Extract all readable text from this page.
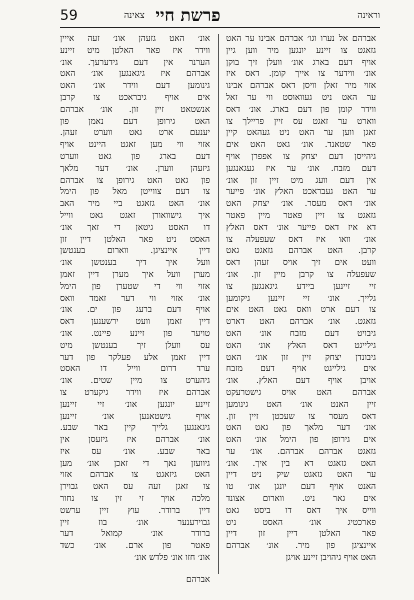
59	צאינה פרשת חיי	וראינה
אונ׳ האט גזעהן אונ׳ זעה אייין
ווידר איז פאר האלטן מיט זיינע
הערנר אין דעם גידערעך. אונ׳
אברהם איז גיגאנגען אונ׳ האט
גינומען דעם ווידר אונ׳ האט
אים אויף גיבראכט צו קרבן
אנשטאט זיין זון. אונ׳ אברהם
האט גירופן דעם נאמן פון
יענעם ארט גאט ווערט זעהן.
אזוי ווי מען זאגט היינט אויף
דעם בארג פון גאט ווערט
גיזעהן ווערן. אונ׳ דער מלאך
פון גאט האט גירופן צו אברהם
צו דעם צווייטן מאל פון הימל
אונ׳ האט גזאגט ביי מיר האב
איך גישוואורן זאגט גאט ווייל
דו האסט גיטאן די זאך אונ׳
האסט ניט פאר האלטן דיין זון
דיין איינציגן. ווארום בענטשן
וועל איך דיך בענטשן אונ׳
מערן וועל איך מערן דיין זאמן
אזוי ווי די שטערן פון הימל
אונ׳ אזוי ווי דער זאמד וואס
אויף דעם ברעג פון ים. אונ׳
דיין זאמן וועט ירשענען דאס
טויער פון זיינע פיינט. אונ׳
עס וועלן זיך בענטשן מיט
דיין זאמן אלע פעלקר פון דער
ערד דרום ווייל דו האסט
גיהערט צו מיין שטים. אונ׳
אברהם איז ווידר גיקערט צו
זיינע יונגען אונ׳ זיי זיינען
אויף גישטאנען אונ׳ זיינען
גיגאנגען גלייך קיין באר שבע.
אונ׳ אברהם איז גיזעסן אין
באר שבע. אונ׳ עס איז
גיוועזן נאך די זאכן אונ׳ מען
האט גיזאגט צו אברהם אזוי
צו זאגן זעה עס האט גבוירן
מלכה אויך זי זין צו נחור
דיין ברודר. עוץ זיין ערשט
גבוירענער אונ׳ בוז זיין
ברודר אונ׳ קמואל דער
פאטר פון ארם. אונ׳ כשד
אונ׳ חזו אונ׳ פלדש אונ׳
אברהם אל נערו וגו׳ אברהם אבינו ער האט
גזאגט צו זיינע יונגען מיר ווען גיין
אויף דעם בארג אונ׳ וועלן זיך בוקן
אונ׳ ווידער צו אייך קומן. דאס איז
אזוי מיר זאלן וויסן דאס אברהם אבינו
ער האט ניט געוואוסט ווי ער זאל
ווידר קומן פון דעם בארג. אונ׳ דאס
ווארט ער זאגט עס זיין פריילך צו
זאגן ווען ער האט ניט געהאט קיין
פאר שטאנד. אונ׳ גאט האט אים
גיהייסן דעם יצחק צו אפפרן אויף
דעם מזבח. אונ׳ ער איז געגאנגען
אין דעם וועג מיט זיין זון אונ׳
ער האט געבראכט האלץ אונ׳ פייער
אונ׳ דאס מעסר. אונ׳ יצחק האט
גזאגט צו זיין פאטר מיין פאטר
דא איז דאס פייער אונ׳ דאס האלץ
אונ׳ וואו איז דאס שעפעלה צו
קרבן. האט אברהם גזאגט גאט
וועט אים זיך אויס זעהן דאס
שעפעלה צו קרבן מיין זון. אונ׳
זיי זיינען ביידע גיגאנגען צו
גלייך. אונ׳ זיי זיינען גיקומען
צו דעם ארט וואס גאט האט אים
גזאגט. אונ׳ אברהם האט דארט
גיבויט דעם מזבח אונ׳ האט
גילייגט דאס האלץ אונ׳ האט
גיבונדן יצחק זיין זון אונ׳ האט
אים גילייגט אויף דעם מזבח
אויבן אויף דעם האלץ. אונ׳
אברהם האט אויס גישטרעקט
זיין האנט אונ׳ האט גינומען
דאס מעסר צו שעכטן זיין זון.
אונ׳ דער מלאך פון גאט האט
אים גירופן פון הימל אונ׳ האט
גזאגט אברהם אברהם. אונ׳ ער
האט גזאגט דא בין איך. אונ׳
ער האט גזאגט שיק ניט דיין
האנט אויף דעם יונגן אונ׳ טו
אים גאר ניט. ווארום אצונד
ווייס איך דאס דו ביסט גאט
פארכטיג אונ׳ האסט ניט
פאר האלטן דיין זון דיין
איינציגן פון מיר. אונ׳ אברהם
האט אויף גיהויבן זיינע אויגן
אברהם
